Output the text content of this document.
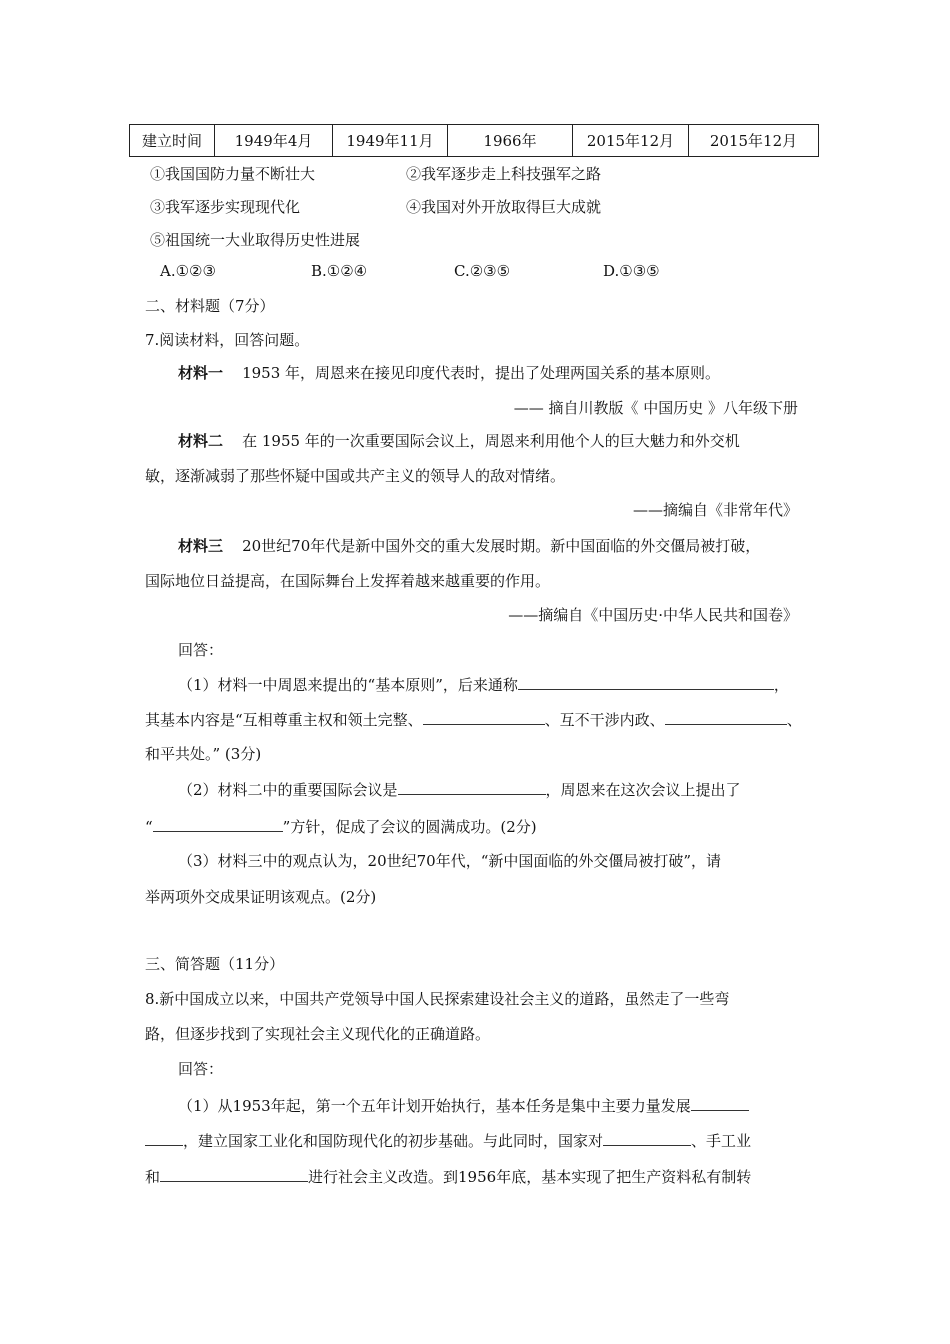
建立时间	1949年4月	1949年11月	1966年	2015年12月	2015年12月
①我国国防力量不断壮大	②我军逐步走上科技强军之路
③我军逐步实现现代化	④我国对外开放取得巨大成就
⑤祖国统一大业取得历史性进展
A.①②③	B.①②④	C.②③⑤	D.①③⑤
二、材料题（7分）
7.阅读材料，回答问题。
材料一 1953 年，周恩来在接见印度代表时，提出了处理两国关系的基本原则。
—— 摘自川教版《 中国历史 》八年级下册
材料二 在 1955 年的一次重要国际会议上，周恩来利用他个人的巨大魅力和外交机
敏，逐渐减弱了那些怀疑中国或共产主义的领导人的敌对情绪。
——摘编自《非常年代》
材料三 20世纪70年代是新中国外交的重大发展时期。新中国面临的外交僵局被打破，
国际地位日益提高，在国际舞台上发挥着越来越重要的作用。
——摘编自《中国历史·中华人民共和国卷》
回答：
（1）材料一中周恩来提出的“基本原则”，后来通称	，
其基本内容是“互相尊重主权和领土完整、	、互不干涉内政、	、
和平共处。” (3分)
（2）材料二中的重要国际会议是	，周恩来在这次会议上提出了
“	”方针，促成了会议的圆满成功。(2分)
（3）材料三中的观点认为，20世纪70年代，“新中国面临的外交僵局被打破”，请
举两项外交成果证明该观点。(2分)
三、简答题（11分）
8.新中国成立以来，中国共产党领导中国人民探索建设社会主义的道路，虽然走了一些弯
路，但逐步找到了实现社会主义现代化的正确道路。
回答：
（1）从1953年起，第一个五年计划开始执行，基本任务是集中主要力量发展
，建立国家工业化和国防现代化的初步基础。与此同时，国家对	、手工业
和	进行社会主义改造。到1956年底，基本实现了把生产资料私有制转
